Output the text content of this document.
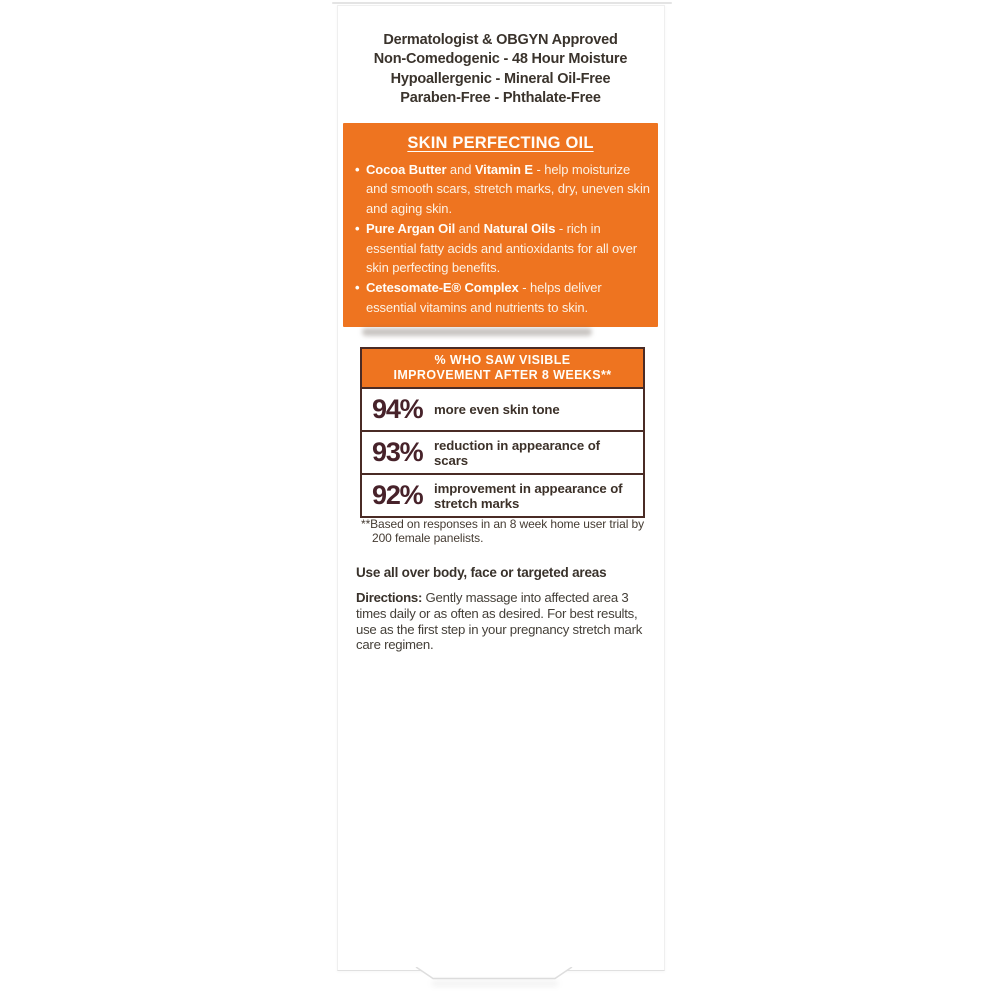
Dermatologist & OBGYN Approved
Non-Comedogenic - 48 Hour Moisture
Hypoallergenic - Mineral Oil-Free
Paraben-Free - Phthalate-Free
SKIN PERFECTING OIL
• Cocoa Butter and Vitamin E - help moisturize and smooth scars, stretch marks, dry, uneven skin and aging skin.
• Pure Argan Oil and Natural Oils - rich in essential fatty acids and antioxidants for all over skin perfecting benefits.
• Cetesomate-E® Complex - helps deliver essential vitamins and nutrients to skin.
% WHO SAW VISIBLE
IMPROVEMENT AFTER 8 WEEKS**
94% more even skin tone
93% reduction in appearance of scars
92% improvement in appearance of stretch marks
**Based on responses in an 8 week home user trial by 200 female panelists.
Use all over body, face or targeted areas
Directions: Gently massage into affected area 3 times daily or as often as desired. For best results, use as the first step in your pregnancy stretch mark care regimen.
